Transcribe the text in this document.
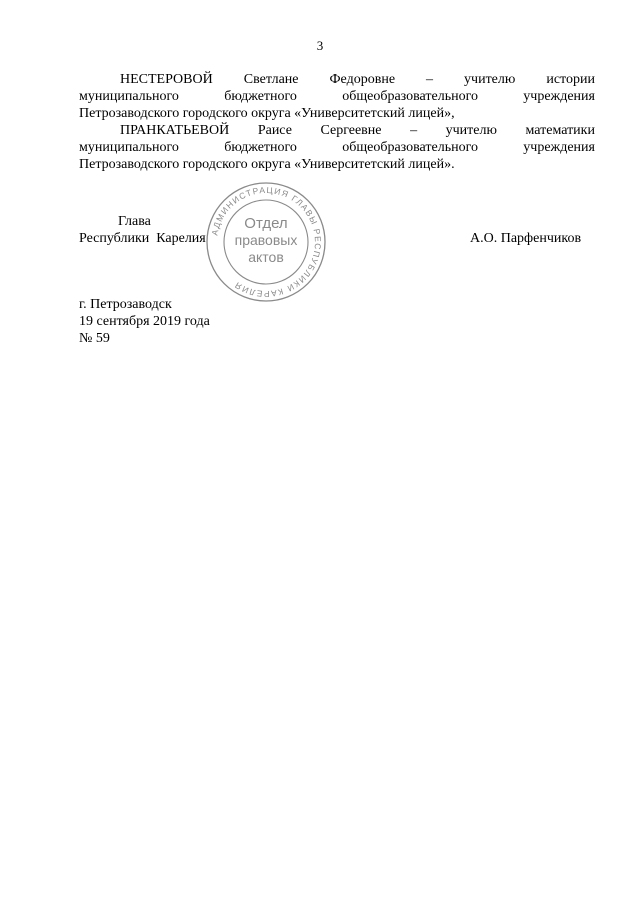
3
НЕСТЕРОВОЙ Светлане Федоровне – учителю истории
муниципального	бюджетного	общеобразовательного	учреждения
Петрозаводского городского округа «Университетский лицей»,
ПРАНКАТЬЕВОЙ Раисе Сергеевне – учителю математики
муниципального	бюджетного	общеобразовательного	учреждения
Петрозаводского городского округа «Университетский лицей».
АДМИНИСТРАЦИЯ ГЛАВЫ РЕСПУБЛИКИ КАРЕЛИЯ
Отдел
правовых
актов
Глава
Республики  Карелия	А.О. Парфенчиков
г. Петрозаводск
19 сентября 2019 года
№ 59
